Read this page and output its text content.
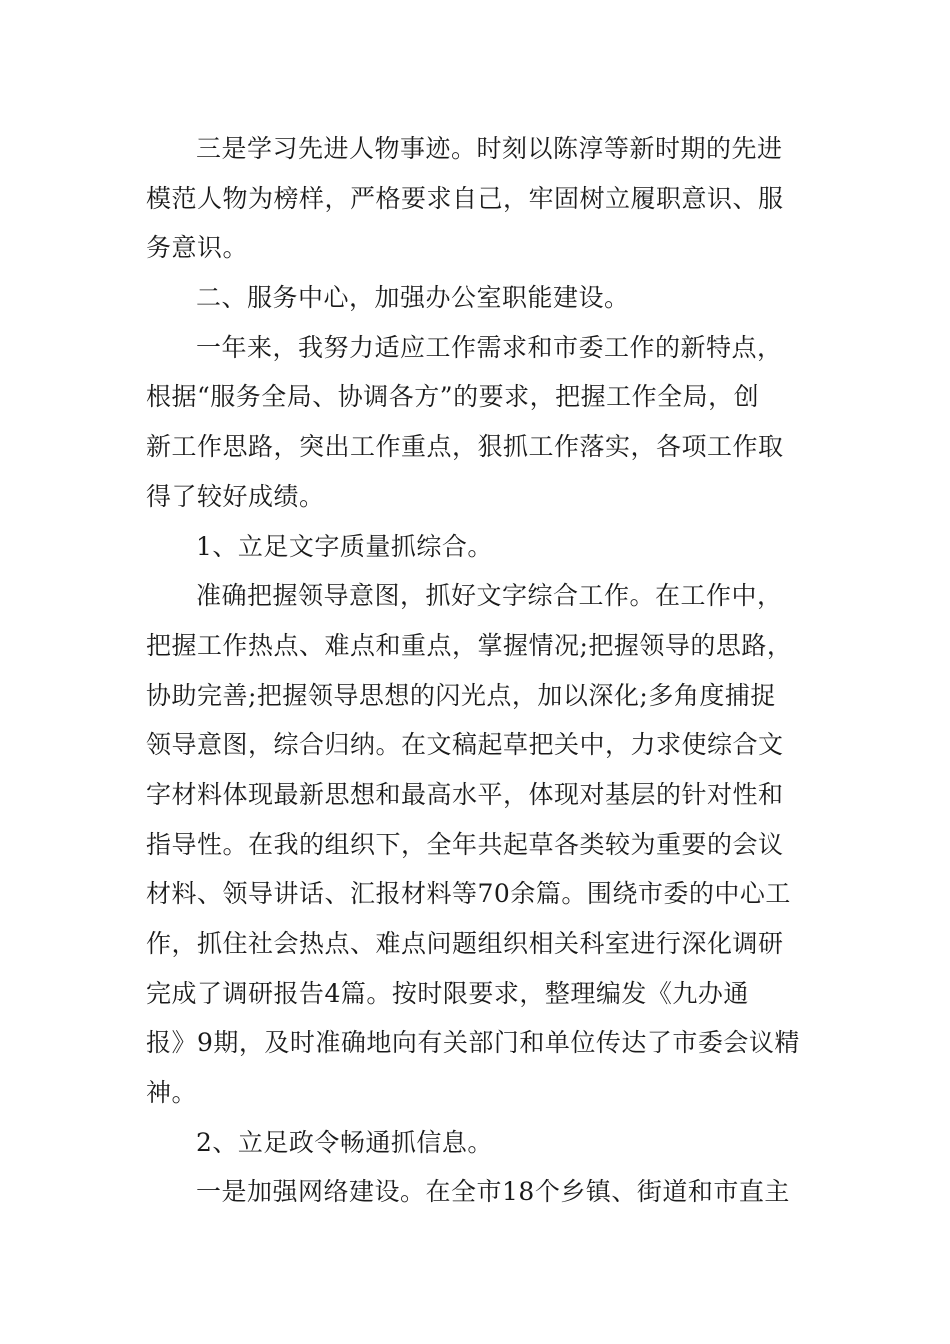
三是学习先进人物事迹。时刻以陈淳等新时期的先进
模范人物为榜样，严格要求自己，牢固树立履职意识、服
务意识。
二、服务中心，加强办公室职能建设。
一年来，我努力适应工作需求和市委工作的新特点，
根据“服务全局、协调各方”的要求，把握工作全局，创
新工作思路，突出工作重点，狠抓工作落实，各项工作取
得了较好成绩。
1、立足文字质量抓综合。
准确把握领导意图，抓好文字综合工作。在工作中，
把握工作热点、难点和重点，掌握情况;把握领导的思路，
协助完善;把握领导思想的闪光点，加以深化;多角度捕捉
领导意图，综合归纳。在文稿起草把关中，力求使综合文
字材料体现最新思想和最高水平，体现对基层的针对性和
指导性。在我的组织下，全年共起草各类较为重要的会议
材料、领导讲话、汇报材料等70余篇。围绕市委的中心工
作，抓住社会热点、难点问题组织相关科室进行深化调研
完成了调研报告4篇。按时限要求，整理编发《九办通
报》9期，及时准确地向有关部门和单位传达了市委会议精
神。
2、立足政令畅通抓信息。
一是加强网络建设。在全市18个乡镇、街道和市直主
